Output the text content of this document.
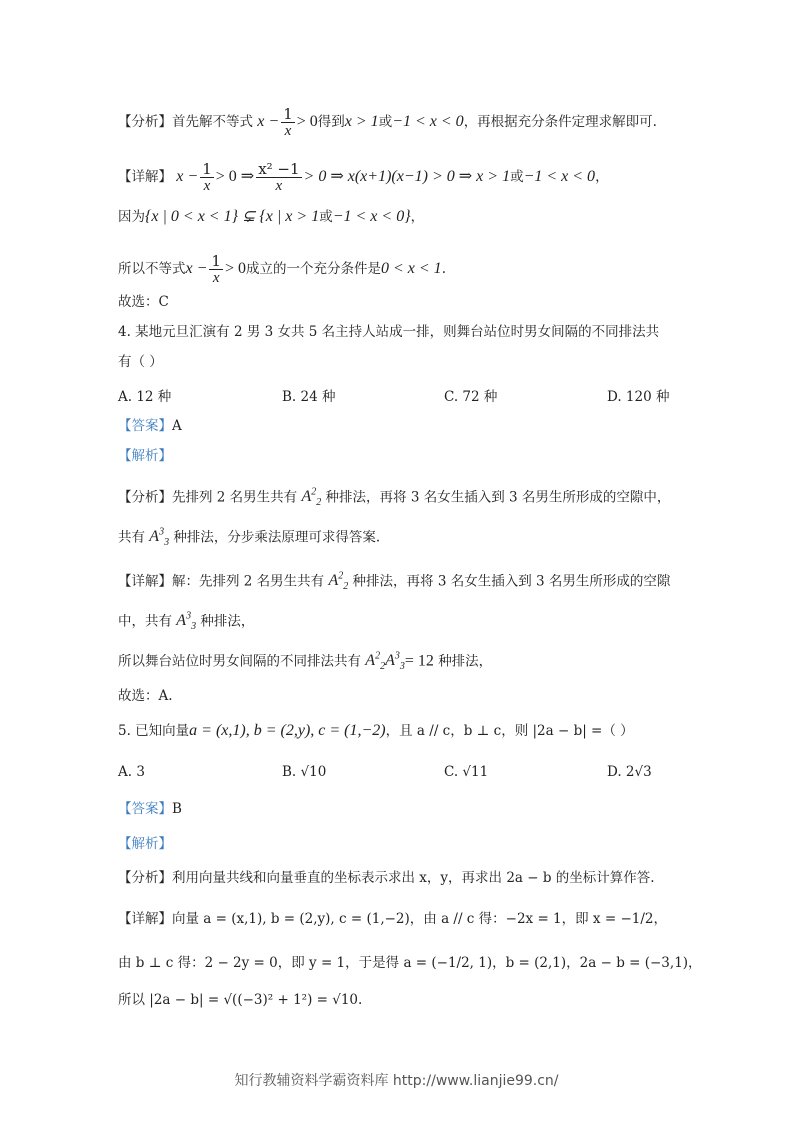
【分析】首先解不等式 $x - \frac{1}{x} > 0$得到x > 1或−1 < x < 0，再根据充分条件定理求解即可.
【详解】 $x - \frac{1}{x} > 0$ ⇒ $\frac{\text{x² −1}}{x} > 0$ ⇒ x(x+1)(x−1) > 0 ⇒ x > 1或−1 < x < 0，
因为{x | 0 < x < 1} ⊊ {x | x > 1或−1 < x < 0}，
所以不等式$x - \frac{1}{x} > 0$成立的一个充分条件是0 < x < 1.
故选：C
4. 某地元旦汇演有 2 男 3 女共 5 名主持人站成一排，则舞台站位时男女间隔的不同排法共
有（ ）
A. 12 种	B. 24 种	C. 72 种	D. 120 种
【答案】A
【解析】
【分析】先排列 2 名男生共有 $A^2_2$ 种排法，再将 3 名女生插入到 3 名男生所形成的空隙中，
共有 $A^3_3$ 种排法，分步乘法原理可求得答案.
【详解】解：先排列 2 名男生共有 $A^2_2$ 种排法，再将 3 名女生插入到 3 名男生所形成的空隙
中，共有 $A^3_3$ 种排法，
所以舞台站位时男女间隔的不同排法共有 $A^2_2A^3_3= 12$ 种排法，
故选：A.
5. 已知向量a = (x,1), b = (2,y), c = (1,−2)，且 a // c，b ⊥ c，则 |2a − b| =（ ）
A. 3	B. √10	C. √11	D. 2√3
【答案】B
【解析】
【分析】利用向量共线和向量垂直的坐标表示求出 x，y，再求出 2a − b 的坐标计算作答.
【详解】向量 a = (x,1), b = (2,y), c = (1,−2)，由 a // c 得：−2x = 1，即 x = −1/2，
由 b ⊥ c 得：2 − 2y = 0，即 y = 1，于是得 a = (−1/2, 1)，b = (2,1)，2a − b = (−3,1)，
所以 |2a − b| = √((−3)² + 1²) = √10.
知行教辅资料学霸资料库 http://www.lianjie99.cn/
